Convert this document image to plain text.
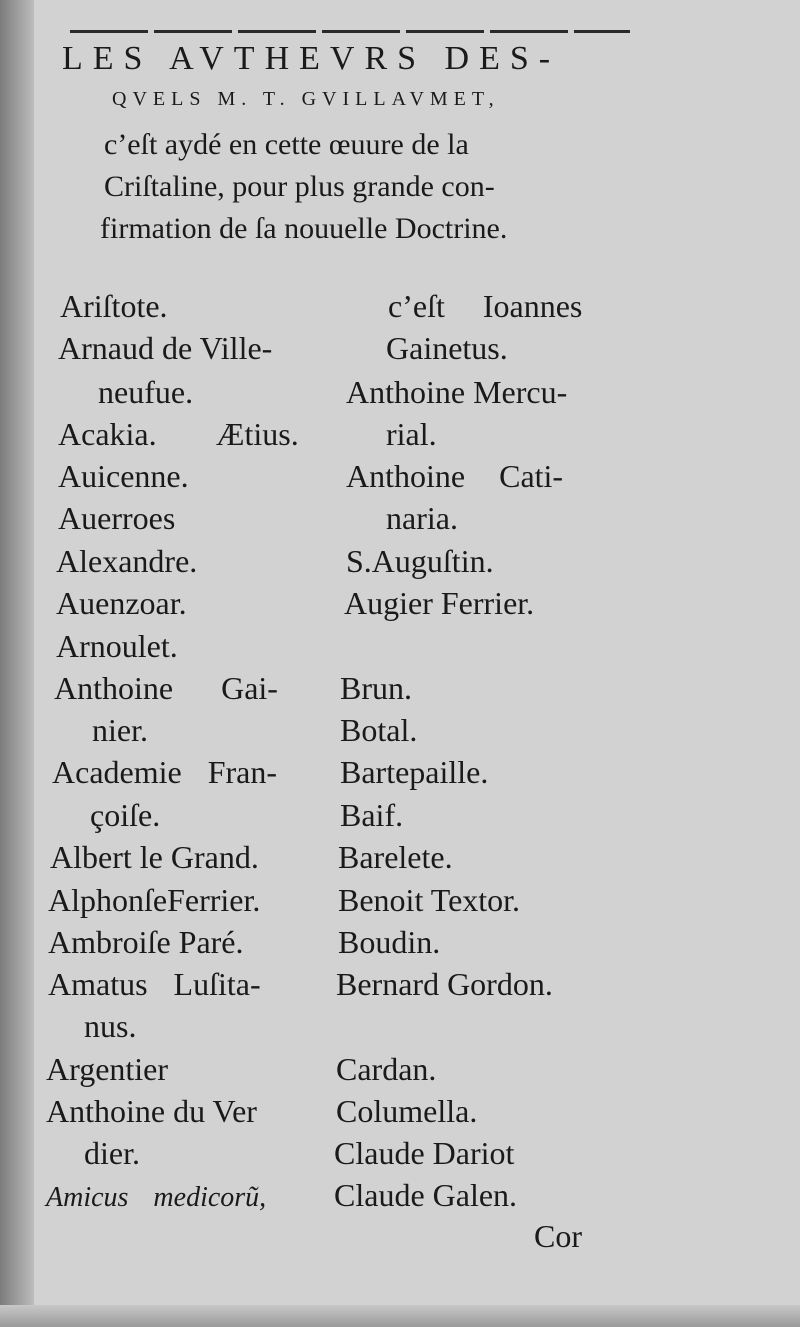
LES AVTHEVRS DES-
QVELS M. T. GVILLAVMET,
c’eſt aydé en cette œuure de la
Criſtaline, pour plus grande con-
firmation de ſa nouuelle Doctrine.
Ariſtote.
Arnaud de Ville-
neufue.
Acakia. Ætius.
Auicenne.
Auerroes
Alexandre.
Auenzoar.
Arnoulet.
Anthoine Gai-
nier.
Academie Fran-
çoiſe.
Albert le Grand.
AlphonſeFerrier.
Ambroiſe Paré.
Amatus Luſita-
nus.
Argentier
Anthoine du Ver
dier.
Amicus medicorũ,
c’eſt Ioannes
Gainetus.
Anthoine Mercu-
rial.
Anthoine Cati-
naria.
S.Auguſtin.
Augier Ferrier.
Brun.
Botal.
Bartepaille.
Baif.
Barelete.
Benoit Textor.
Boudin.
Bernard Gordon.
Cardan.
Columella.
Claude Dariot
Claude Galen.
Cor
